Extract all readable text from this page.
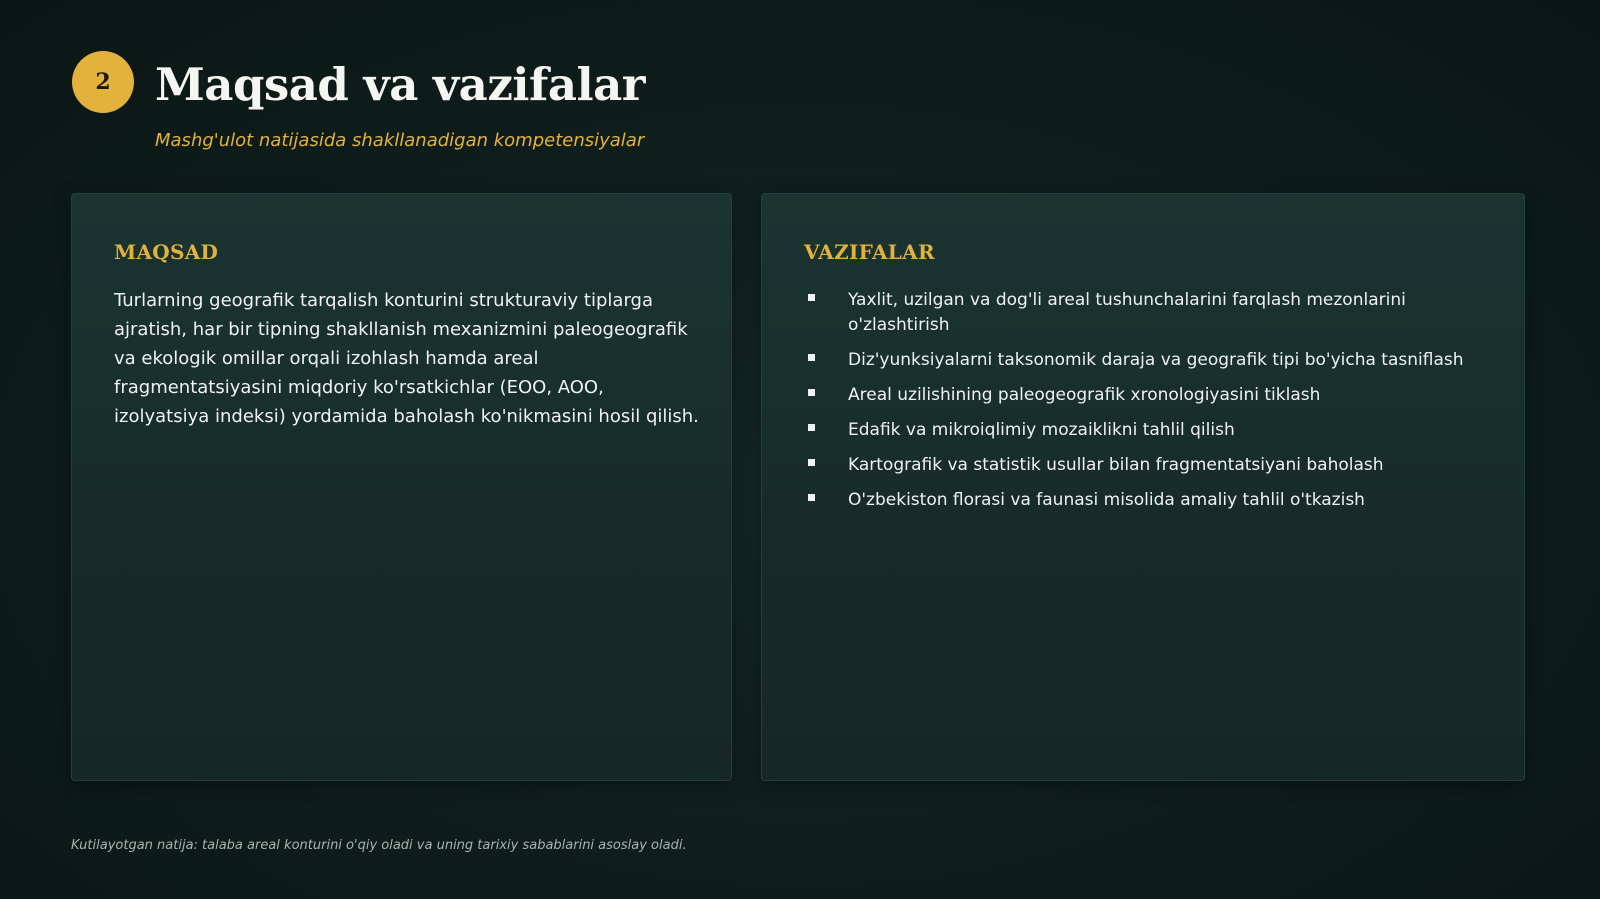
2 Maqsad va vazifalar
Mashg'ulot natijasida shakllanadigan kompetensiyalar
MAQSAD

Turlarning geografik tarqalish konturini strukturaviy tiplarga ajratish, har bir tipning shakllanish mexanizmini paleogeografik va ekologik omillar orqali izohlash hamda areal fragmentatsiyasini miqdoriy ko'rsatkichlar (EOO, AOO, izolyatsiya indeksi) yordamida baholash ko'nikmasini hosil qilish.

VAZIFALAR
Yaxlit, uzilgan va dog'li areal tushunchalarini farqlash mezonlarini o'zlashtirish
Diz'yunksiyalarni taksonomik daraja va geografik tipi bo'yicha tasniflash
Areal uzilishining paleogeografik xronologiyasini tiklash
Edafik va mikroiqlimiy mozaiklikni tahlil qilish
Kartografik va statistik usullar bilan fragmentatsiyani baholash
O'zbekiston florasi va faunasi misolida amaliy tahlil o'tkazish
Kutilayotgan natija: talaba areal konturini o'qiy oladi va uning tarixiy sabablarini asoslay oladi.
